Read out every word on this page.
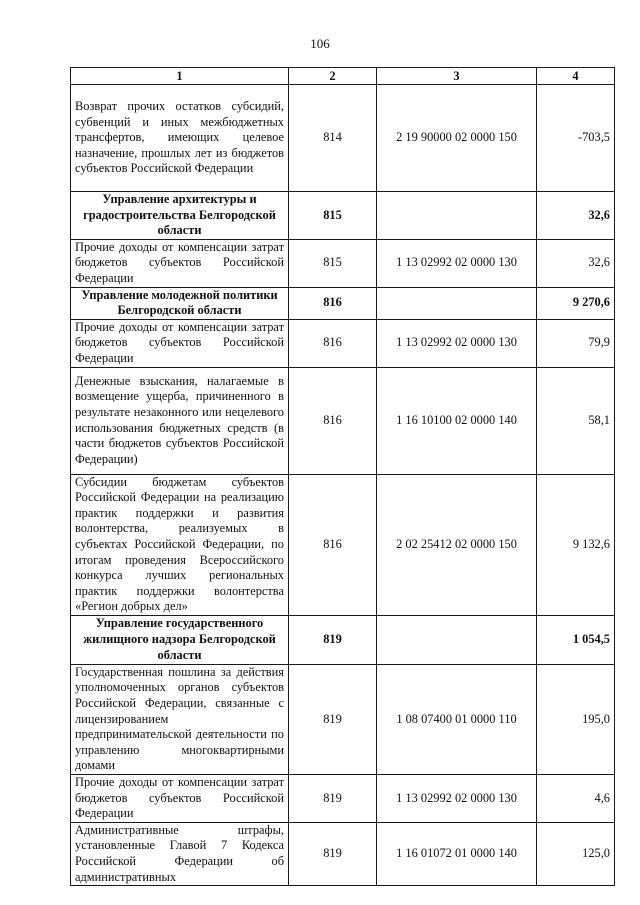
106
1	2	3	4
Возврат прочих остатков субсидий, субвенций и иных межбюджетных трансфертов, имеющих целевое назначение, прошлых лет из бюджетов субъектов Российской Федерации	814	2 19 90000 02 0000 150	-703,5
Управление архитектуры и градостроительства Белгородской области	815		32,6
Прочие доходы от компенсации затрат бюджетов субъектов Российской Федерации	815	1 13 02992 02 0000 130	32,6
Управление молодежной политики Белгородской области	816		9 270,6
Прочие доходы от компенсации затрат бюджетов субъектов Российской Федерации	816	1 13 02992 02 0000 130	79,9
Денежные взыскания, налагаемые в возмещение ущерба, причиненного в результате незаконного или нецелевого использования бюджетных средств (в части бюджетов субъектов Российской Федерации)	816	1 16 10100 02 0000 140	58,1
Субсидии бюджетам субъектов Российской Федерации на реализацию практик поддержки и развития волонтерства, реализуемых в субъектах Российской Федерации, по итогам проведения Всероссийского конкурса лучших региональных практик поддержки волонтерства «Регион добрых дел»	816	2 02 25412 02 0000 150	9 132,6
Управление государственного жилищного надзора Белгородской области	819		1 054,5
Государственная пошлина за действия уполномоченных органов субъектов Российской Федерации, связанные с лицензированием предпринимательской деятельности по управлению многоквартирными домами	819	1 08 07400 01 0000 110	195,0
Прочие доходы от компенсации затрат бюджетов субъектов Российской Федерации	819	1 13 02992 02 0000 130	4,6
Административные штрафы, установленные Главой 7 Кодекса Российской Федерации об административных	819	1 16 01072 01 0000 140	125,0
